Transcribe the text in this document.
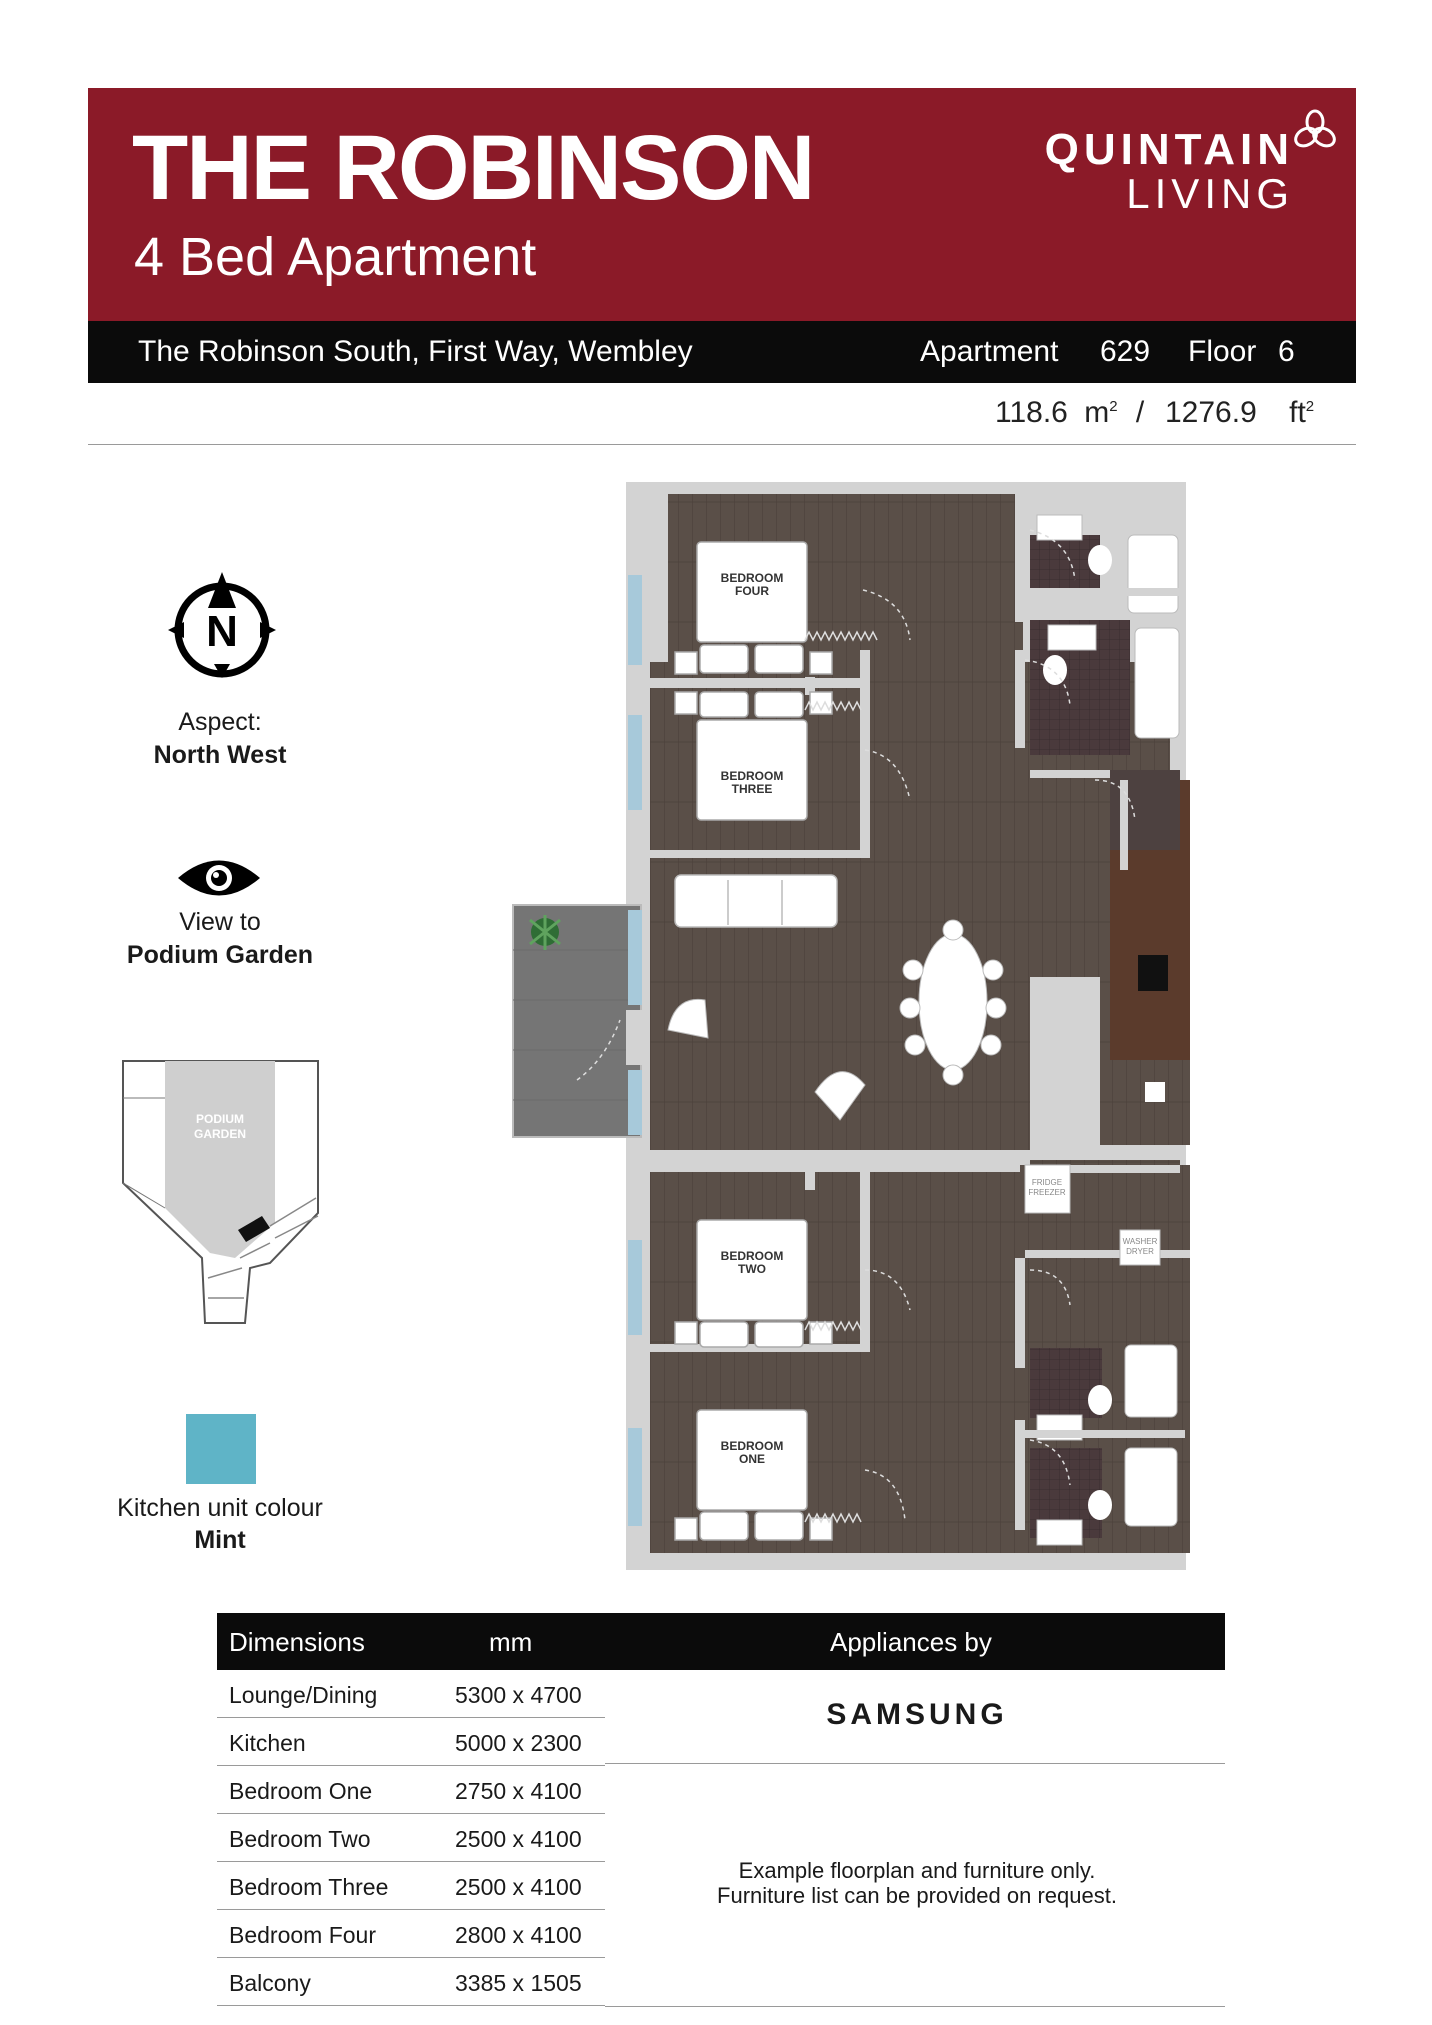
THE ROBINSON
4 Bed Apartment
QUINTAIN
LIVING
The Robinson South, First Way, Wembley	Apartment 629 Floor 6
118.6 $m^2 / 1276.9$ $ft^2$
N
Aspect:
North West
View to
Podium Garden
PODIUM
GARDEN
Kitchen unit colour
Mint
BEDROOM
FOUR
BEDROOM
THREE
BEDROOM
TWO
BEDROOM
ONE
FRIDGE
FREEZER
WASHER
DRYER
Dimensions	mm	Appliances by
Lounge/Dining	5300 x 4700
Kitchen	5000 x 2300
Bedroom One	2750 x 4100
Bedroom Two	2500 x 4100
Bedroom Three	2500 x 4100
Bedroom Four	2800 x 4100
Balcony	3385 x 1505
SAMSUNG
Example floorplan and furniture only.
Furniture list can be provided on request.
